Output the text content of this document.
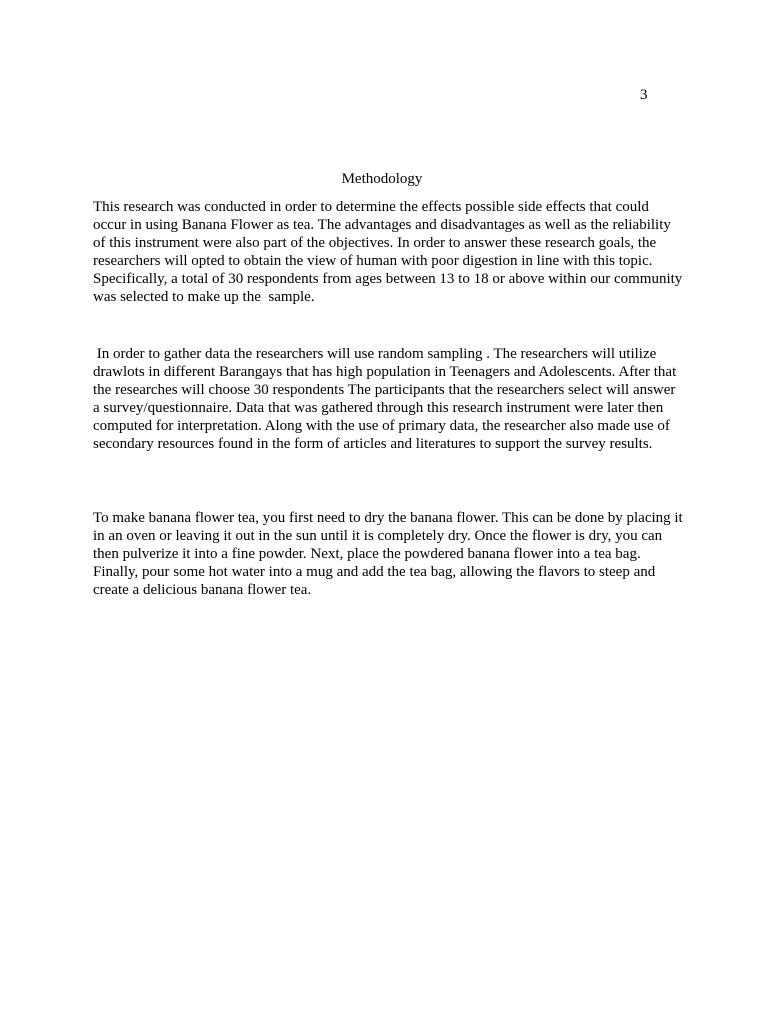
3
Methodology

This research was conducted in order to determine the effects possible side effects that could occur in using Banana Flower as tea. The advantages and disadvantages as well as the reliability of this instrument were also part of the objectives. In order to answer these research goals, the researchers will opted to obtain the view of human with poor digestion in line with this topic. Specifically, a total of 30 respondents from ages between 13 to 18 or above within our community was selected to make up the  sample.

In order to gather data the researchers will use random sampling . The researchers will utilize drawlots in different Barangays that has high population in Teenagers and Adolescents. After that the researches will choose 30 respondents The participants that the researchers select will answer a survey/questionnaire. Data that was gathered through this research instrument were later then computed for interpretation. Along with the use of primary data, the researcher also made use of secondary resources found in the form of articles and literatures to support the survey results.

To make banana flower tea, you first need to dry the banana flower. This can be done by placing it in an oven or leaving it out in the sun until it is completely dry. Once the flower is dry, you can then pulverize it into a fine powder. Next, place the powdered banana flower into a tea bag. Finally, pour some hot water into a mug and add the tea bag, allowing the flavors to steep and create a delicious banana flower tea.
